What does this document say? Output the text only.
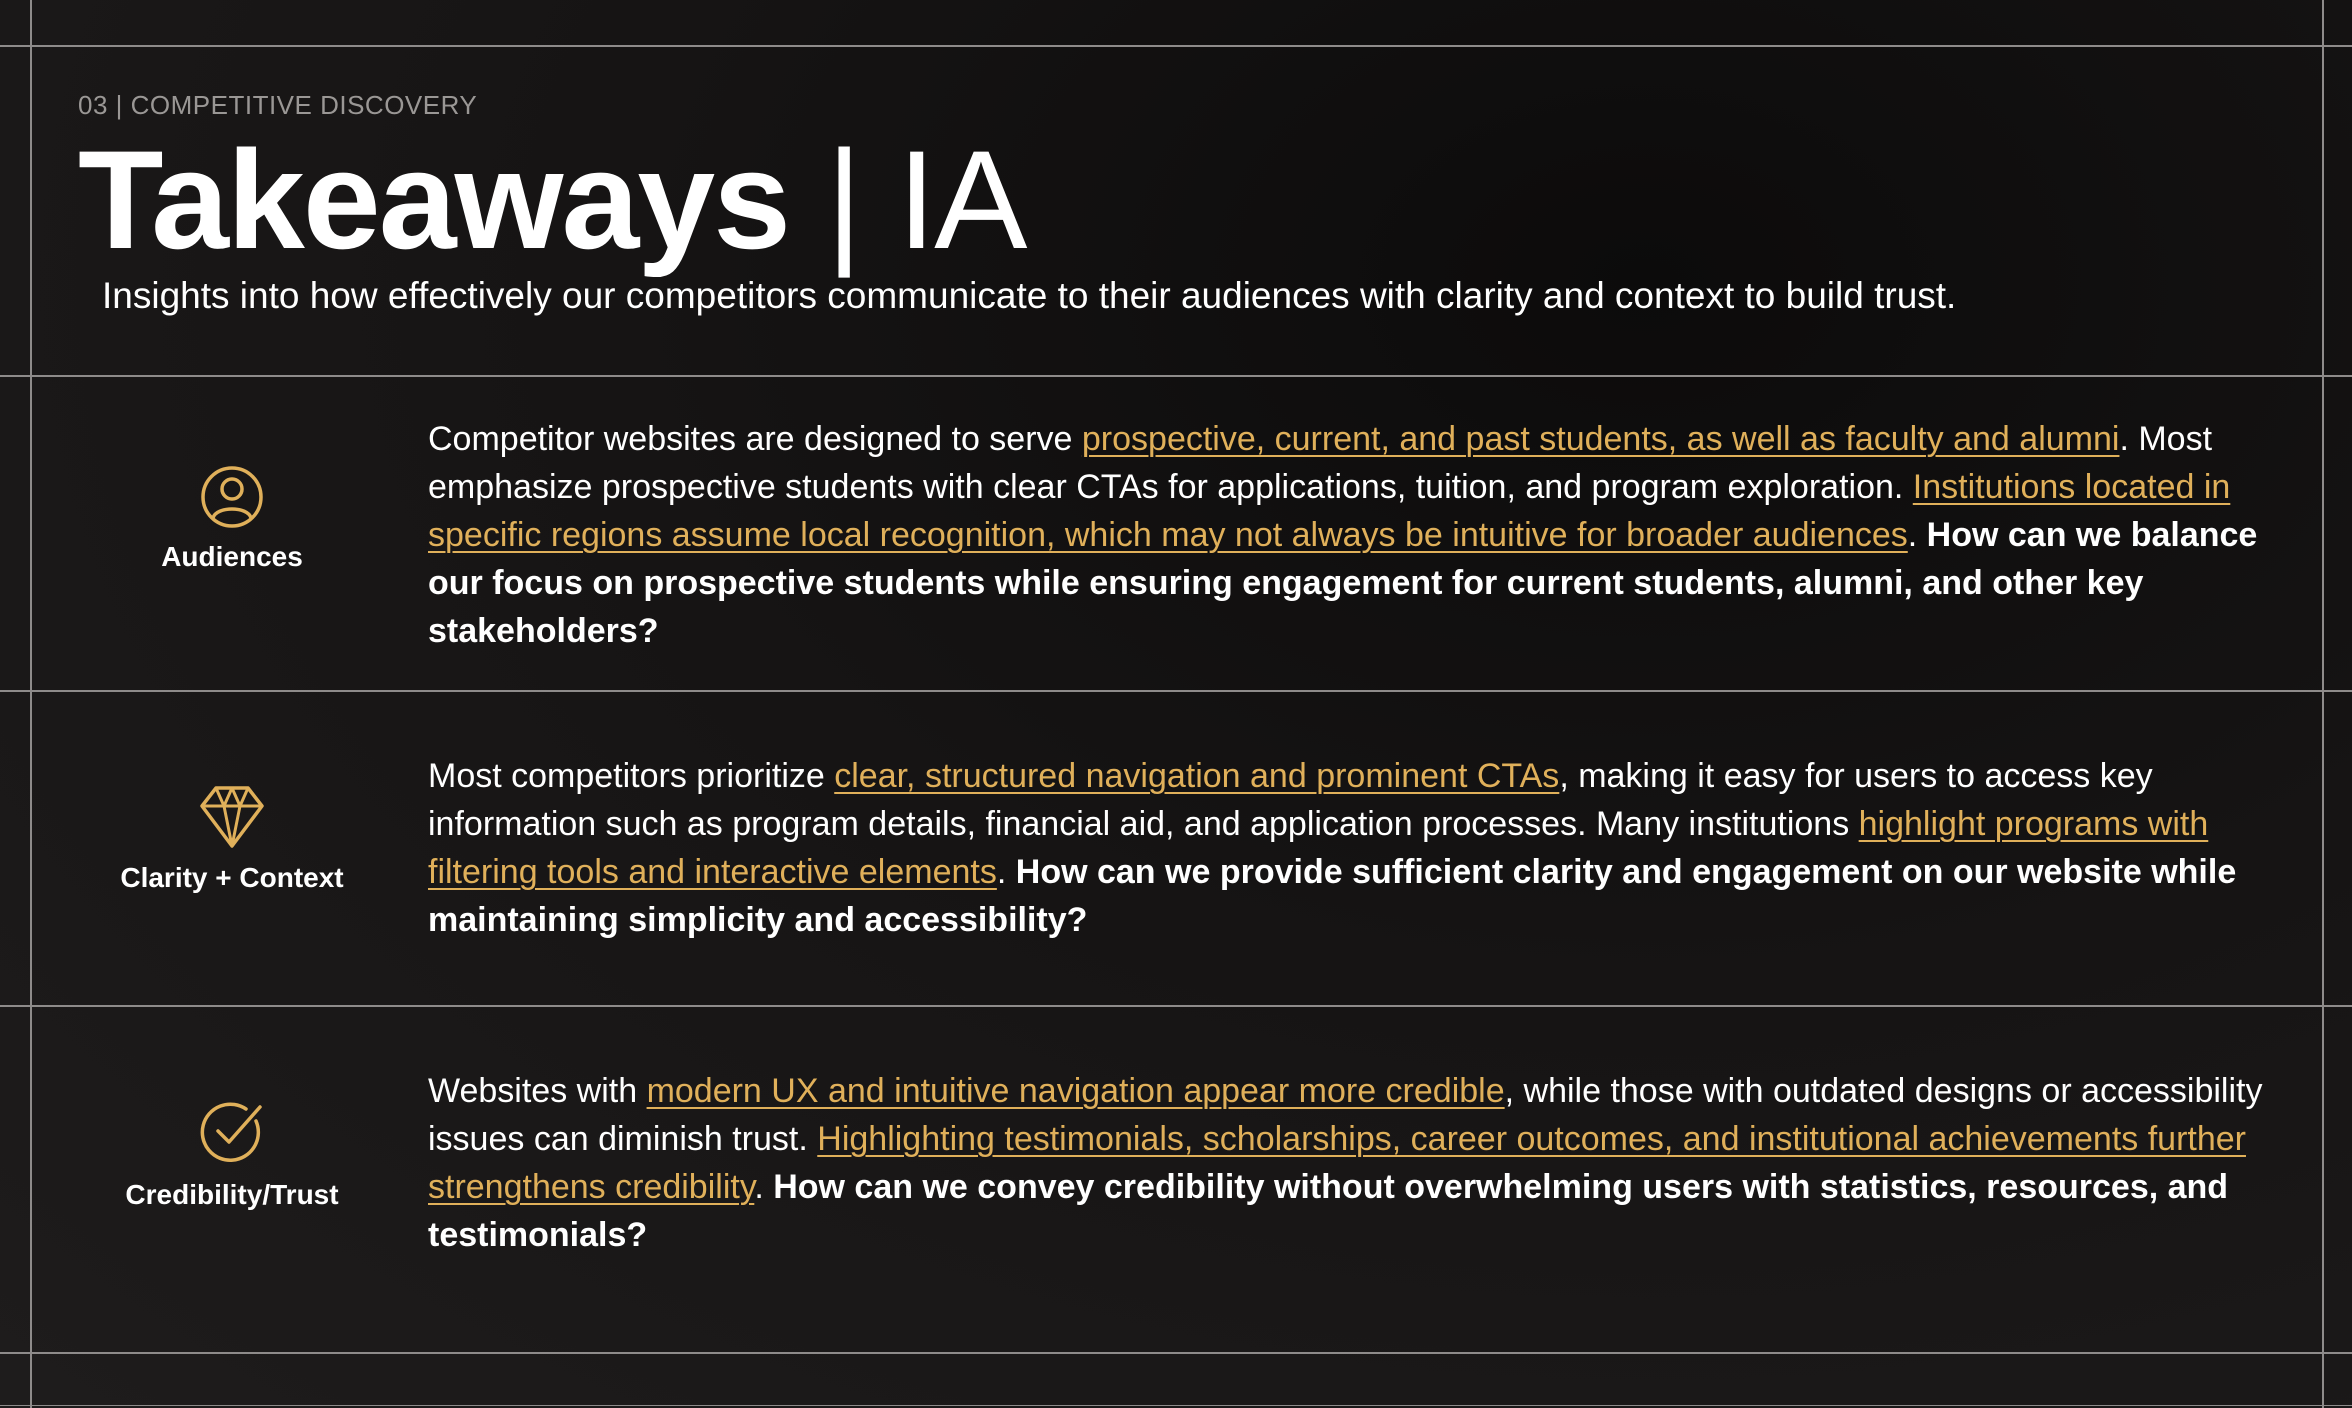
03 | COMPETITIVE DISCOVERY
Takeaways | IA
Insights into how effectively our competitors communicate to their audiences with clarity and context to build trust.
Audiences
Competitor websites are designed to serve prospective, current, and past students, as well as faculty and alumni. Most emphasize prospective students with clear CTAs for applications, tuition, and program exploration. Institutions located in specific regions assume local recognition, which may not always be intuitive for broader audiences. How can we balance our focus on prospective students while ensuring engagement for current students, alumni, and other key stakeholders?
Clarity + Context
Most competitors prioritize clear, structured navigation and prominent CTAs, making it easy for users to access key information such as program details, financial aid, and application processes. Many institutions highlight programs with filtering tools and interactive elements. How can we provide sufficient clarity and engagement on our website while maintaining simplicity and accessibility?
Credibility/Trust
Websites with modern UX and intuitive navigation appear more credible, while those with outdated designs or accessibility issues can diminish trust. Highlighting testimonials, scholarships, career outcomes, and institutional achievements further strengthens credibility. How can we convey credibility without overwhelming users with statistics, resources, and testimonials?
